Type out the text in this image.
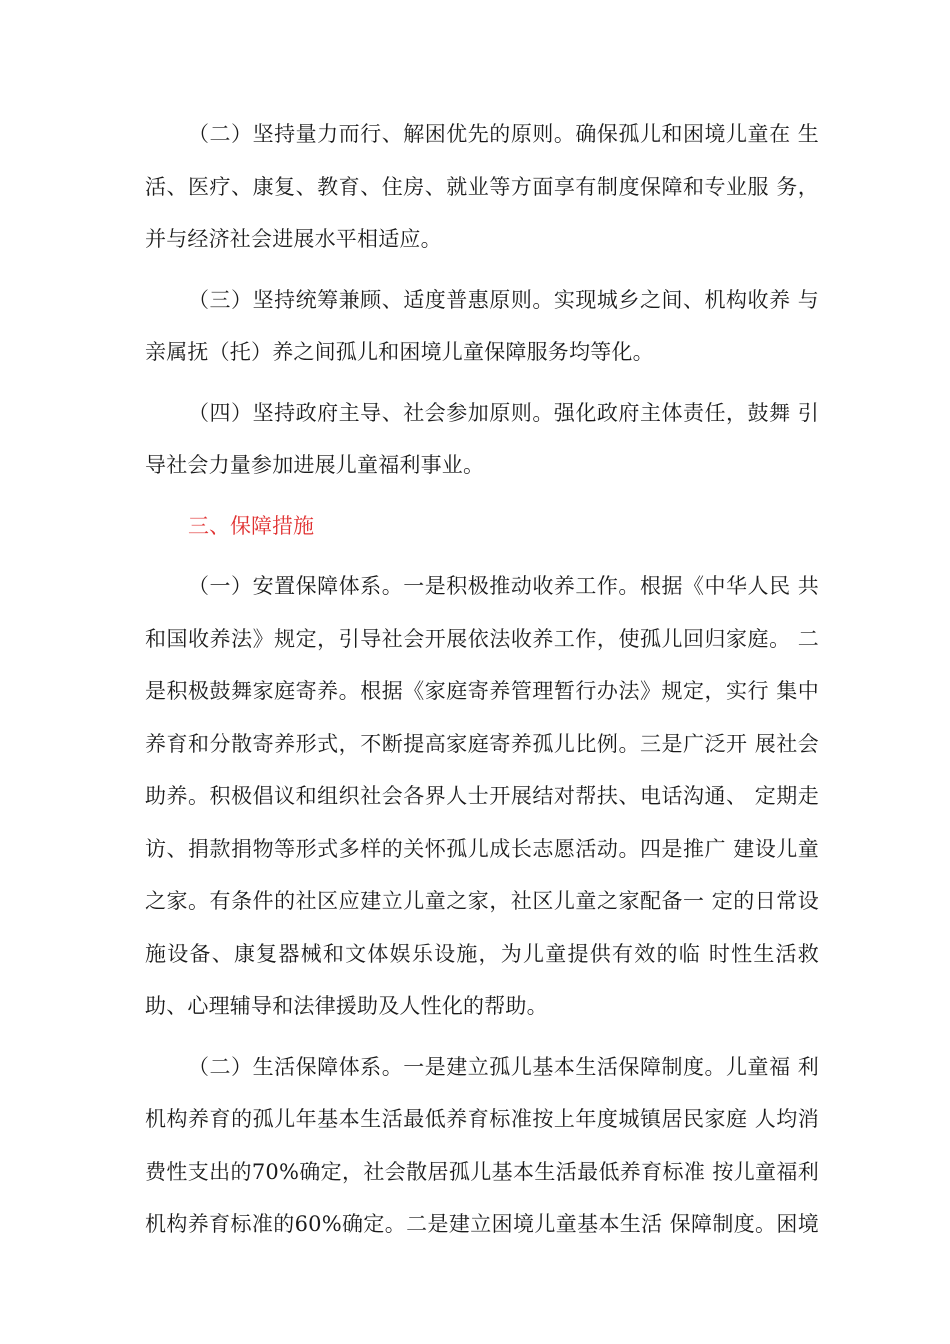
（二）坚持量力而行、解困优先的原则。确保孤儿和困境儿童在 生
活、医疗、康复、教育、住房、就业等方面享有制度保障和专业服 务，
并与经济社会进展水平相适应。
（三）坚持统筹兼顾、适度普惠原则。实现城乡之间、机构收养 与
亲属抚（托）养之间孤儿和困境儿童保障服务均等化。
（四）坚持政府主导、社会参加原则。强化政府主体责任，鼓舞 引
导社会力量参加进展儿童福利事业。
三、保障措施
（一）安置保障体系。一是积极推动收养工作。根据《中华人民 共
和国收养法》规定，引导社会开展依法收养工作，使孤儿回归家庭。 二
是积极鼓舞家庭寄养。根据《家庭寄养管理暂行办法》规定，实行 集中
养育和分散寄养形式，不断提高家庭寄养孤儿比例。三是广泛开 展社会
助养。积极倡议和组织社会各界人士开展结对帮扶、电话沟通、 定期走
访、捐款捐物等形式多样的关怀孤儿成长志愿活动。四是推广 建设儿童
之家。有条件的社区应建立儿童之家，社区儿童之家配备一 定的日常设
施设备、康复器械和文体娱乐设施，为儿童提供有效的临 时性生活救
助、心理辅导和法律援助及人性化的帮助。
（二）生活保障体系。一是建立孤儿基本生活保障制度。儿童福 利
机构养育的孤儿年基本生活最低养育标准按上年度城镇居民家庭 人均消
费性支出的70%确定，社会散居孤儿基本生活最低养育标准 按儿童福利
机构养育标准的60%确定。二是建立困境儿童基本生活 保障制度。困境
